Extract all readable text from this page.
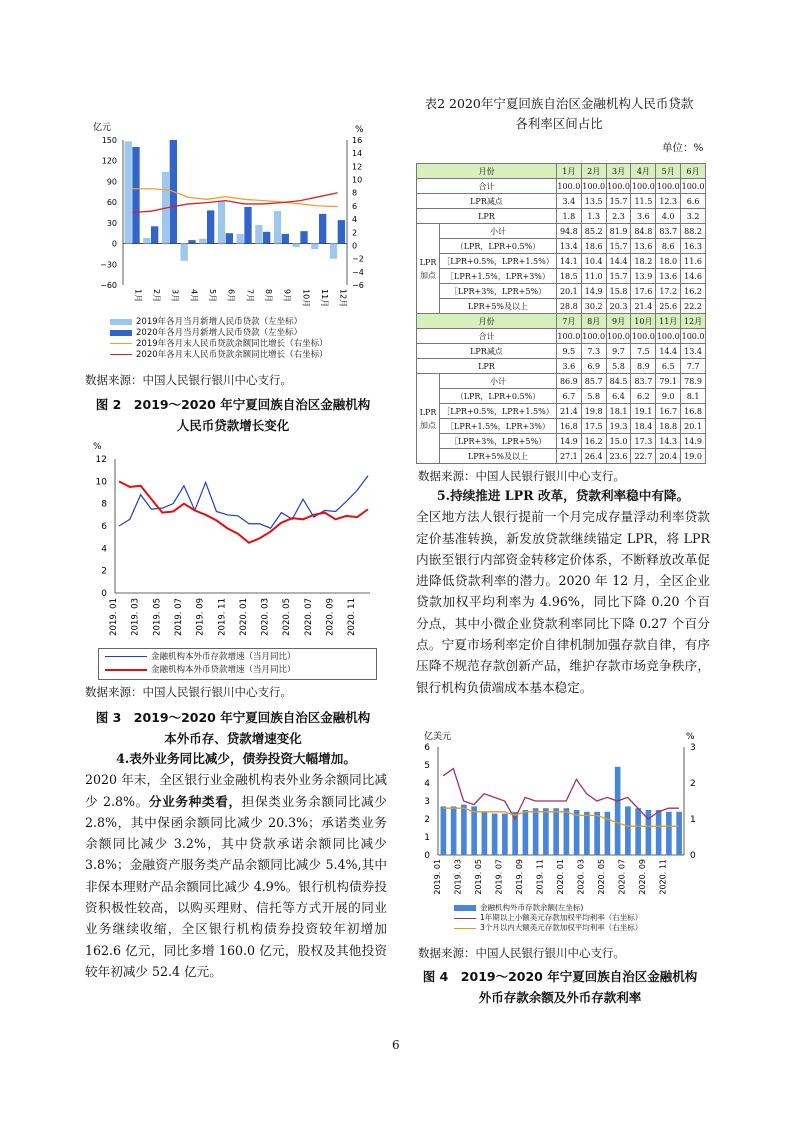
亿元	%
150
120
90
60
30
0
−30
−60
16
14
12
10
8
6
4
2
0
−2
−4
−6
1月 2月 3月 4月 5月 6月 7月 8月 9月 10月 11月 12月
2019年各月当月新增人民币贷款（左坐标）
2020年各月当月新增人民币贷款（左坐标）
2019年各月末人民币贷款余额同比增长（右坐标）
2020年各月末人民币贷款余额同比增长（右坐标）
数据来源：中国人民银行银川中心支行。
图 2　2019～2020 年宁夏回族自治区金融机构
人民币贷款增长变化
%
12
10
8
6
4
2
0
2019. 01 2019. 03 2019. 05 2019. 07 2019. 09 2019. 11 2020. 01 2020. 03 2020. 05 2020. 07 2020. 09 2020. 11
金融机构本外币存款增速（当月同比）
金融机构本外币贷款增速（当月同比）
数据来源：中国人民银行银川中心支行。
图 3　2019～2020 年宁夏回族自治区金融机构
本外币存、贷款增速变化

4.表外业务同比减少，债券投资大幅增加。

2020 年末，全区银行业金融机构表外业务余额同比减少 2.8%。分业务种类看，担保类业务余额同比减少 2.8%，其中保函余额同比减少 20.3%；承诺类业务余额同比减少 3.2%，其中贷款承诺余额同比减少 3.8%；金融资产服务类产品余额同比减少 5.4%,其中非保本理财产品余额同比减少 4.9%。银行机构债券投资积极性较高，以购买理财、信托等方式开展的同业业务继续收缩，全区银行机构债券投资较年初增加 162.6 亿元，同比多增 160.0 亿元，股权及其他投资较年初减少 52.4 亿元。

表2 2020年宁夏回族自治区金融机构人民币贷款
各利率区间占比
单位：%
月份		1月	2月	3月	4月	5月	6月
合计		100.0	100.0	100.0	100.0	100.0	100.0
LPR减点		3.4	13.5	15.7	11.5	12.3	6.6
LPR		1.8	1.3	2.3	3.6	4.0	3.2
LPR加点	小计	94.8	85.2	81.9	84.8	83.7	88.2
	（LPR，LPR+0.5%）	13.4	18.6	15.7	13.6	8.6	16.3
	［LPR+0.5%，LPR+1.5%）	14.1	10.4	14.4	18.2	18.0	11.6
	［LPR+1.5%，LPR+3%）	18.5	11.0	15.7	13.9	13.6	14.6
	［LPR+3%，LPR+5%）	20.1	14.9	15.8	17.6	17.2	16.2
	LPR+5%及以上	28.8	30.2	20.3	21.4	25.6	22.2
月份		7月	8月	9月	10月	11月	12月
合计		100.0	100.0	100.0	100.0	100.0	100.0
LPR减点		9.5	7.3	9.7	7.5	14.4	13.4
LPR		3.6	6.9	5.8	8.9	6.5	7.7
LPR加点	小计	86.9	85.7	84.5	83.7	79.1	78.9
	（LPR，LPR+0.5%）	6.7	5.8	6.4	6.2	9.0	8.1
	［LPR+0.5%，LPR+1.5%）	21.4	19.8	18.1	19.1	16.7	16.8
	［LPR+1.5%，LPR+3%）	16.8	17.5	19.3	18.4	18.8	20.1
	［LPR+3%，LPR+5%）	14.9	16.2	15.0	17.3	14.3	14.9
	LPR+5%及以上	27.1	26.4	23.6	22.7	20.4	19.0
数据来源：中国人民银行银川中心支行。

5.持续推进 LPR 改革，贷款利率稳中有降。

全区地方法人银行提前一个月完成存量浮动利率贷款定价基准转换，新发放贷款继续锚定 LPR，将 LPR 内嵌至银行内部资金转移定价体系，不断释放改革促进降低贷款利率的潜力。2020 年 12 月，全区企业贷款加权平均利率为 4.96%，同比下降 0.20 个百分点，其中小微企业贷款利率同比下降 0.27 个百分点。宁夏市场利率定价自律机制加强存款自律，有序压降不规范存款创新产品，维护存款市场竞争秩序，银行机构负债端成本基本稳定。

亿美元	%
6
5
4
3
2
1
0
3
2
1
0
2019. 01 2019. 03 2019. 05 2019. 07 2019. 09 2019. 11 2020. 01 2020. 03 2020. 05 2020. 07 2020. 09 2020. 11
金融机构外币存款余额(左坐标)
1年期以上小额美元存款加权平均利率（右坐标）
3个月以内大额美元存款加权平均利率（右坐标）
数据来源：中国人民银行银川中心支行。
图 4　2019～2020 年宁夏回族自治区金融机构
外币存款余额及外币存款利率
6
